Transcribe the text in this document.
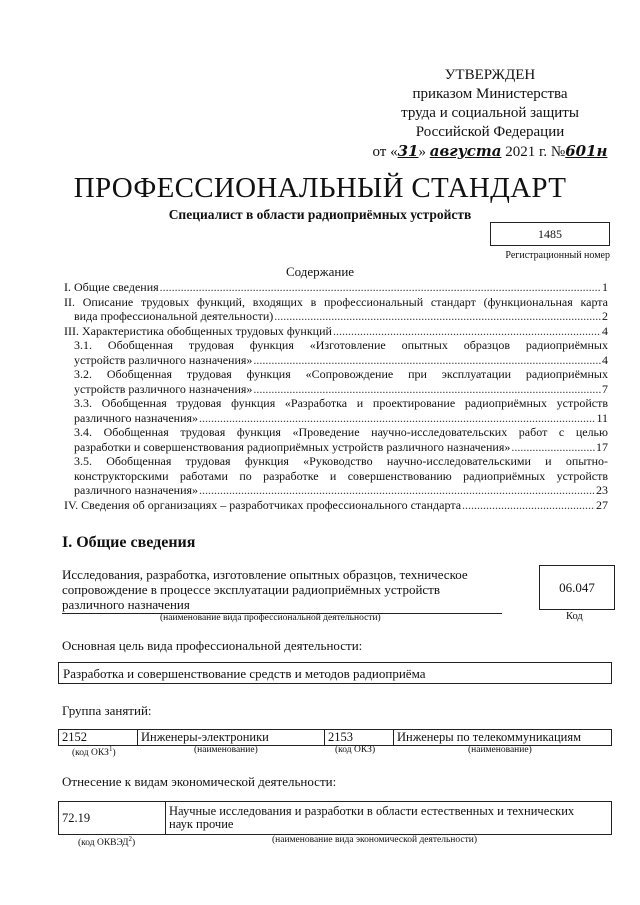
УТВЕРЖДЕН
приказом Министерства
труда и социальной защиты
Российской Федерации
от «31» августа 2021 г. №601н
ПРОФЕССИОНАЛЬНЫЙ СТАНДАРТ
Специалист в области радиоприёмных устройств
1485
Регистрационный номер
Содержание
I. Общие сведения .....	1
II. Описание трудовых функций, входящих в профессиональный стандарт (функциональная карта
вида профессиональной деятельности) .....	2
III. Характеристика обобщенных трудовых функций .....	4
3.1. Обобщенная трудовая функция «Изготовление опытных образцов радиоприёмных
устройств различного назначения» .....	4
3.2. Обобщенная трудовая функция «Сопровождение при эксплуатации радиоприёмных
устройств различного назначения» .....	7
3.3. Обобщенная трудовая функция «Разработка и проектирование радиоприёмных устройств
различного назначения» .....	11
3.4. Обобщенная трудовая функция «Проведение научно-исследовательских работ с целью
разработки и совершенствования радиоприёмных устройств различного назначения» .....	17
3.5. Обобщенная трудовая функция «Руководство научно-исследовательскими и опытно-
конструкторскими работами по разработке и совершенствованию радиоприёмных устройств
различного назначения» .....	23
IV. Сведения об организациях – разработчиках профессионального стандарта .....	27
I. Общие сведения
Исследования, разработка, изготовление опытных образцов, техническое
сопровождение в процессе эксплуатации радиоприёмных устройств
различного назначения
(наименование вида профессиональной деятельности)
06.047
Код
Основная цель вида профессиональной деятельности:
Разработка и совершенствование средств и методов радиоприёма
Группа занятий:
2152	Инженеры-электроники	2153	Инженеры по телекоммуникациям
(код ОКЗ$^1$)	(наименование)	(код ОКЗ)	(наименование)
Отнесение к видам экономической деятельности:
72.19	Научные исследования и разработки в области естественных и технических
наук прочие
(код ОКВЭД$^2$)	(наименование вида экономической деятельности)
